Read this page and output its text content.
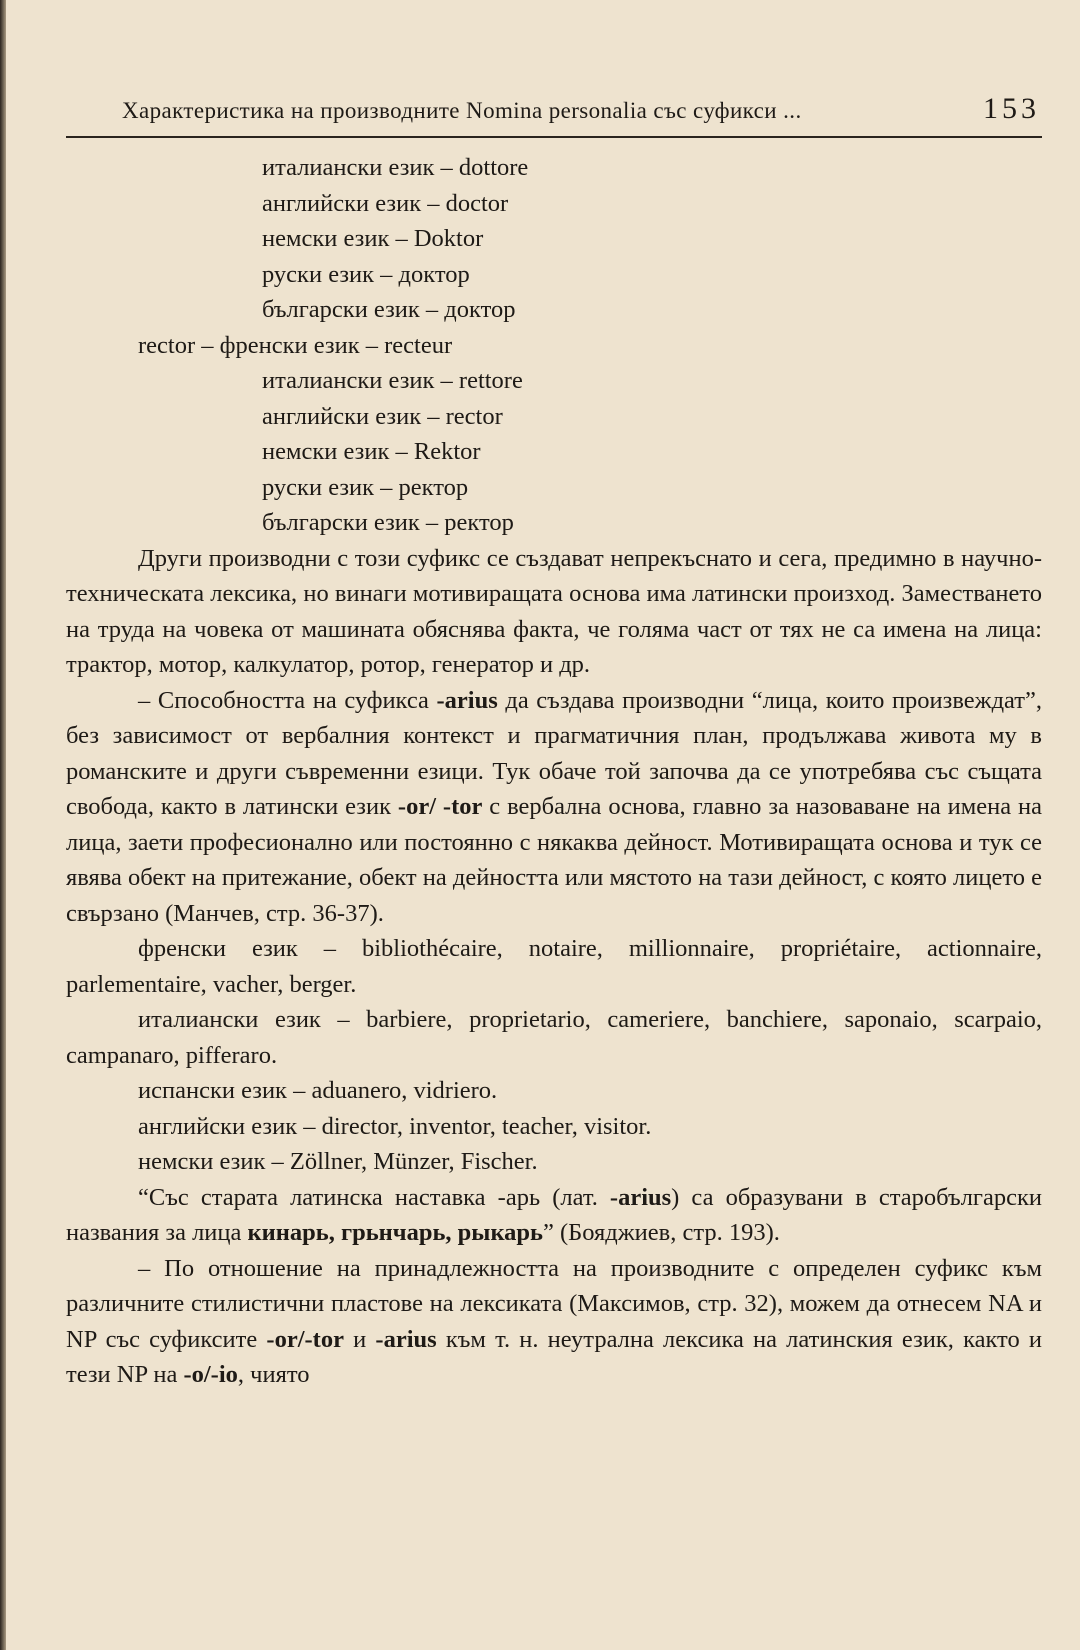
Характеристика на производните Nomina personalia със суфикси ...	153

италиански език – dottore

английски език – doctor

немски език – Doktor

руски език – доктор

български език – доктор

rector – френски език – recteur

италиански език – rettore

английски език – rector

немски език – Rektor

руски език – ректор

български език – ректор

Други производни с този суфикс се създават непрекъснато и сега, предимно в научно-техническата лексика, но винаги мотивиращата основа има латински произход. Заместването на труда на човека от машината обяснява факта, че голяма част от тях не са имена на лица: трактор, мотор, калкулатор, ротор, генератор и др.

– Способността на суфикса -arius да създава производни “лица, които произвеждат”, без зависимост от вербалния контекст и прагматичния план, продължава живота му в романските и други съвременни езици. Тук обаче той започва да се употребява със същата свобода, както в латински език -or/ -tor с вербална основа, главно за назоваване на имена на лица, заети професионално или постоянно с някаква дейност. Мотивиращата основа и тук се явява обект на притежание, обект на дейността или мястото на тази дейност, с която лицето е свързано (Манчев, стр. 36-37).

френски език – bibliothécaire, notaire, millionnaire, propriétaire, actionnaire, parlementaire, vacher, berger.

италиански език – barbiere, proprietario, cameriere, banchiere, saponaio, scarpaio, campanaro, pifferaro.

испански език – aduanero, vidriero.

английски език – director, inventor, teacher, visitor.

немски език – Zöllner, Münzer, Fischer.

“Със старата латинска наставка -арь (лат. -arius) са образувани в старобългарски названия за лица кинарь, грьнчарь, рыкарь” (Бояджиев, стр. 193).

– По отношение на принадлежността на производните с определен суфикс към различните стилистични пластове на лексиката (Максимов, стр. 32), можем да отнесем NA и NP със суфиксите -or/-tor и -arius към т. н. неутрална лексика на латинския език, както и тези NP на -o/-io, чиято
